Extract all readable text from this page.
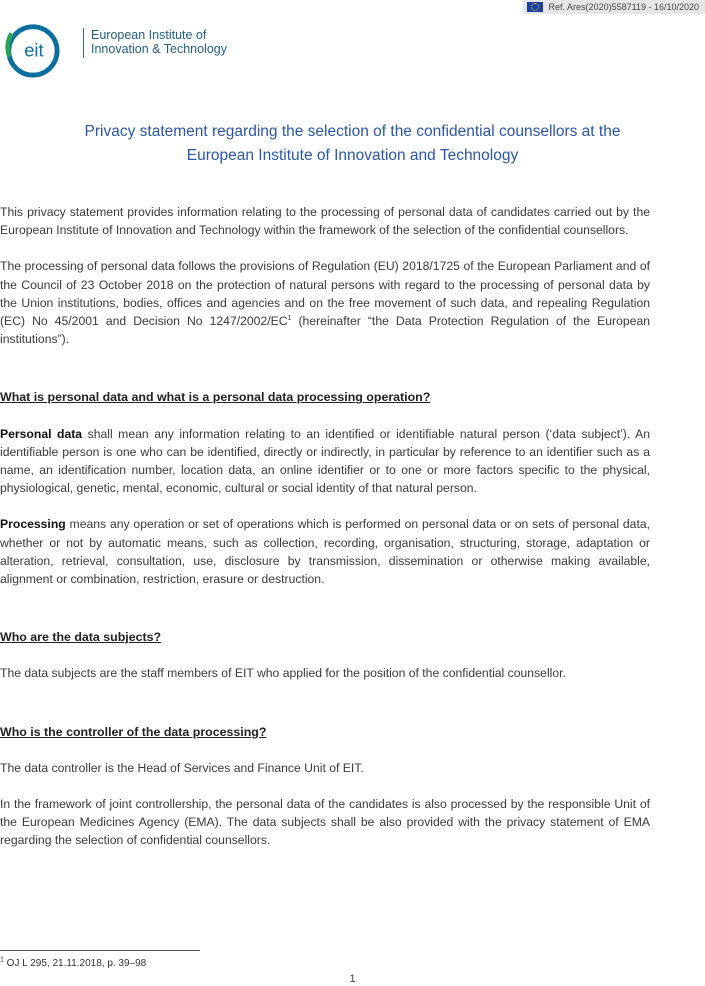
Ref. Ares(2020)5587119 - 16/10/2020
eit
European Institute of
Innovation & Technology
Privacy statement regarding the selection of the confidential counsellors at the
European Institute of Innovation and Technology

This privacy statement provides information relating to the processing of personal data of candidates carried out by the European Institute of Innovation and Technology within the framework of the selection of the confidential counsellors.

The processing of personal data follows the provisions of Regulation (EU) 2018/1725 of the European Parliament and of the Council of 23 October 2018 on the protection of natural persons with regard to the processing of personal data by the Union institutions, bodies, offices and agencies and on the free movement of such data, and repealing Regulation (EC) No 45/2001 and Decision No $1247/2002/EC^1$ (hereinafter “the Data Protection Regulation of the European institutions”).

What is personal data and what is a personal data processing operation?

Personal data shall mean any information relating to an identified or identifiable natural person (‘data subject’). An identifiable person is one who can be identified, directly or indirectly, in particular by reference to an identifier such as a name, an identification number, location data, an online identifier or to one or more factors specific to the physical, physiological, genetic, mental, economic, cultural or social identity of that natural person.

Processing means any operation or set of operations which is performed on personal data or on sets of personal data, whether or not by automatic means, such as collection, recording, organisation, structuring, storage, adaptation or alteration, retrieval, consultation, use, disclosure by transmission, dissemination or otherwise making available, alignment or combination, restriction, erasure or destruction.

Who are the data subjects?

The data subjects are the staff members of EIT who applied for the position of the confidential counsellor.

Who is the controller of the data processing?

The data controller is the Head of Services and Finance Unit of EIT.

In the framework of joint controllership, the personal data of the candidates is also processed by the responsible Unit of the European Medicines Agency (EMA). The data subjects shall be also provided with the privacy statement of EMA regarding the selection of confidential counsellors.

$^1$ OJ L 295, 21.11.2018, p. 39–98
1
